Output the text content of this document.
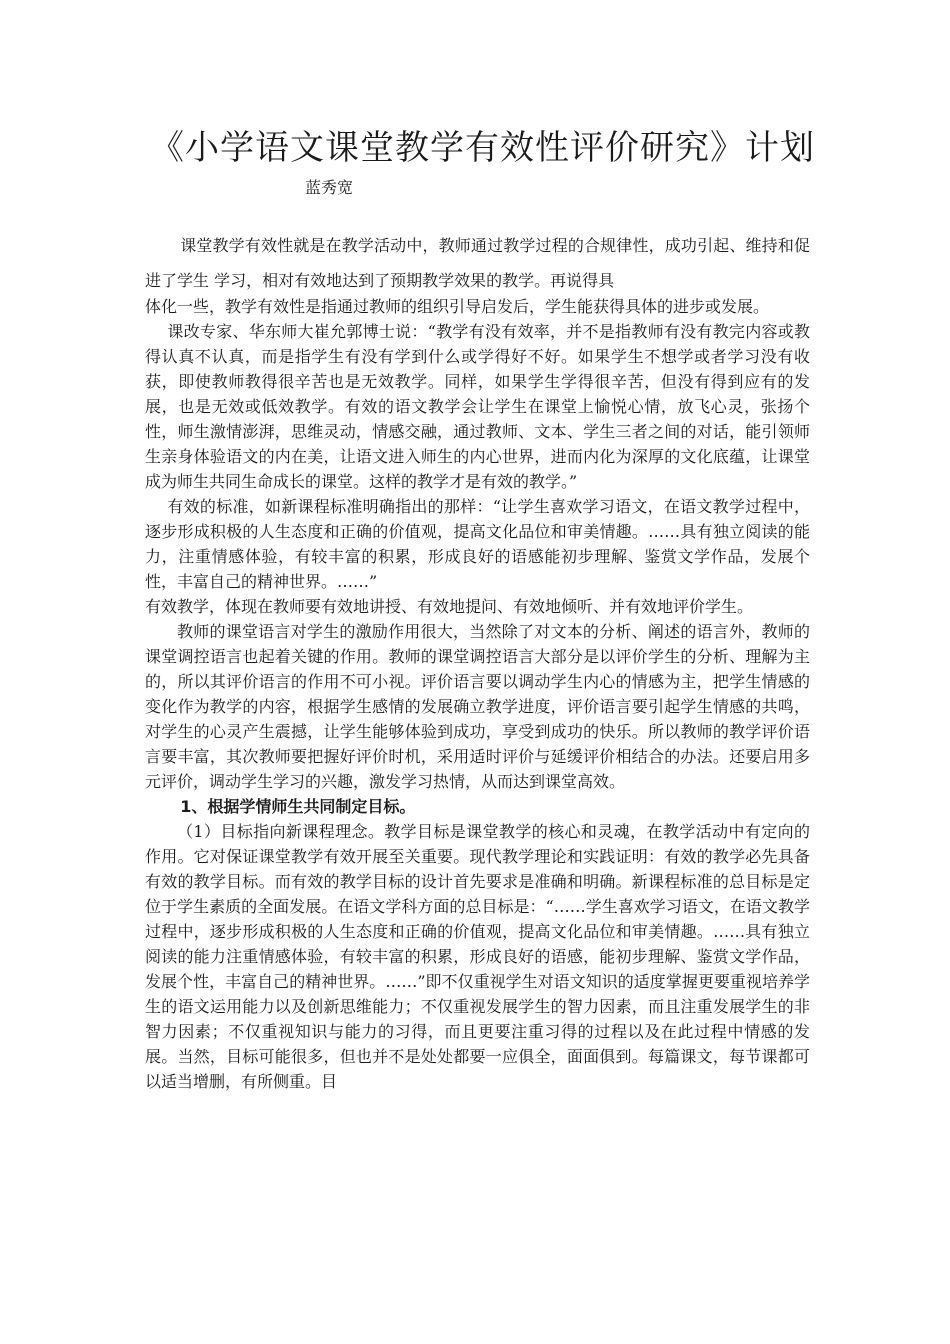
《小学语文课堂教学有效性评价研究》计划

蓝秀宽

课堂教学有效性就是在教学活动中，教师通过教学过程的合规律性，成功引起、维持和促进了学生 学习，相对有效地达到了预期教学效果的教学。再说得具

体化一些，教学有效性是指通过教师的组织引导启发后，学生能获得具体的进步或发展。

课改专家、华东师大崔允郭博士说：“教学有没有效率，并不是指教师有没有教完内容或教得认真不认真，而是指学生有没有学到什么或学得好不好。如果学生不想学或者学习没有收获，即使教师教得很辛苦也是无效教学。同样，如果学生学得很辛苦，但没有得到应有的发展，也是无效或低效教学。有效的语文教学会让学生在课堂上愉悦心情，放飞心灵，张扬个性，师生激情澎湃，思维灵动，情感交融，通过教师、文本、学生三者之间的对话，能引领师生亲身体验语文的内在美，让语文进入师生的内心世界，进而内化为深厚的文化底蕴，让课堂成为师生共同生命成长的课堂。这样的教学才是有效的教学。”

有效的标准，如新课程标准明确指出的那样：“让学生喜欢学习语文，在语文教学过程中，逐步形成积极的人生态度和正确的价值观，提高文化品位和审美情趣。……具有独立阅读的能力，注重情感体验，有较丰富的积累，形成良好的语感能初步理解、鉴赏文学作品，发展个性，丰富自己的精神世界。……”

有效教学，体现在教师要有效地讲授、有效地提问、有效地倾听、并有效地评价学生。

教师的课堂语言对学生的激励作用很大，当然除了对文本的分析、阐述的语言外，教师的课堂调控语言也起着关键的作用。教师的课堂调控语言大部分是以评价学生的分析、理解为主的，所以其评价语言的作用不可小视。评价语言要以调动学生内心的情感为主，把学生情感的变化作为教学的内容，根据学生感情的发展确立教学进度，评价语言要引起学生情感的共鸣，对学生的心灵产生震撼，让学生能够体验到成功，享受到成功的快乐。所以教师的教学评价语言要丰富，其次教师要把握好评价时机，采用适时评价与延缓评价相结合的办法。还要启用多元评价，调动学生学习的兴趣，激发学习热情，从而达到课堂高效。

1、根据学情师生共同制定目标。

（1）目标指向新课程理念。教学目标是课堂教学的核心和灵魂，在教学活动中有定向的作用。它对保证课堂教学有效开展至关重要。现代教学理论和实践证明：有效的教学必先具备有效的教学目标。而有效的教学目标的设计首先要求是准确和明确。新课程标准的总目标是定位于学生素质的全面发展。在语文学科方面的总目标是：“……学生喜欢学习语文，在语文教学过程中，逐步形成积极的人生态度和正确的价值观，提高文化品位和审美情趣。……具有独立阅读的能力注重情感体验，有较丰富的积累，形成良好的语感，能初步理解、鉴赏文学作品，发展个性，丰富自己的精神世界。……”即不仅重视学生对语文知识的适度掌握更要重视培养学生的语文运用能力以及创新思维能力；不仅重视发展学生的智力因素，而且注重发展学生的非智力因素；不仅重视知识与能力的习得，而且更要注重习得的过程以及在此过程中情感的发展。当然，目标可能很多，但也并不是处处都要一应俱全，面面俱到。每篇课文，每节课都可以适当增删，有所侧重。目
